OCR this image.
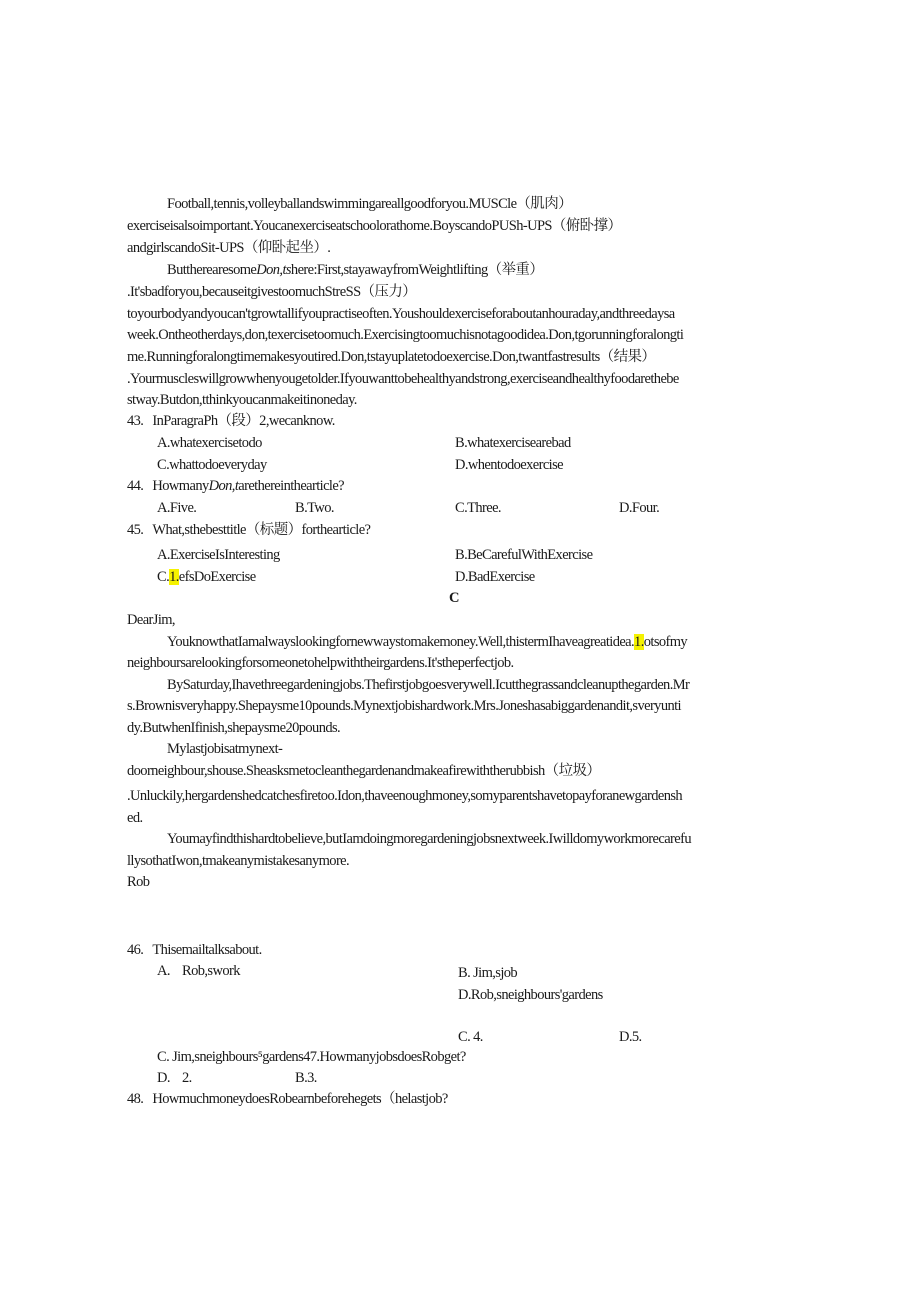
Football,tennis,volleyballandswimmingareallgoodforyou.MUSCle（肌肉）
exerciseisalsoimportant.Youcanexerciseatschoolorathome.BoyscandoPUSh-UPS（俯卧撑）
andgirlscandoSit-UPS（仰卧起坐）.
ButtherearesomeDon,tshere:First,stayawayfromWeightlifting（举重）
.It'sbadforyou,becauseitgivestoomuchStreSS（压力）
toyourbodyandyoucan'tgrowtallifyoupractiseoften.Youshouldexerciseforaboutanhouraday,andthreedaysa
week.Ontheotherdays,don,texercisetoomuch.Exercisingtoomuchisnotagoodidea.Don,tgorunningforalongti
me.Runningforalongtimemakesyoutired.Don,tstayuplatetodoexercise.Don,twantfastresults（结果）
.Yourmuscleswillgrowwhenyougetolder.Ifyouwanttobehealthyandstrong,exerciseandhealthyfoodarethebe
stway.Butdon,tthinkyoucanmakeitinoneday.
43. InParagraPh（段）2,wecanknow.
A.whatexercisetodo	B.whatexercisearebad
C.whattodoeveryday	D.whentodoexercise
44. HowmanyDon,tarethereinthearticle?
A.Five.	B.Two.	C.Three.	D.Four.
45. What,sthebesttitle（标题）forthearticle?
A.ExerciseIsInteresting	B.BeCarefulWithExercise
C.1.efsDoExercise	D.BadExercise
C
DearJim,
YouknowthatIamalwayslookingfornewwaystomakemoney.Well,thistermIhaveagreatidea.1.otsofmy
neighboursarelookingforsomeonetohelpwiththeirgardens.It'stheperfectjob.
BySaturday,Ihavethreegardeningjobs.Thefirstjobgoesverywell.Icutthegrassandcleanupthegarden.Mr
s.Brownisveryhappy.Shepaysme10pounds.Mynextjobishardwork.Mrs.Joneshasabiggardenandit,sveryunti
dy.ButwhenIfinish,shepaysme20pounds.
Mylastjobisatmynext-
doorneighbour,shouse.Sheasksmetocleanthegardenandmakeafirewiththerubbish（垃圾）
.Unluckily,hergardenshedcatchesfiretoo.Idon,thaveenoughmoney,somyparentshavetopayforanewgardensh
ed.
Youmayfindthishardtobelieve,butIamdoingmoregardeningjobsnextweek.Iwilldomyworkmorecarefu
llysothatIwon,tmakeanymistakesanymore.
Rob
46. Thisemailtalksabout.
A. Rob,swork	B. Jim,sjob
D.Rob,sneighbours'gardens
C. 4.	D.5.
C. Jim,sneighbours⁵gardens47.HowmanyjobsdoesRobget?
D. 2.	B.3.
48. HowmuchmoneydoesRobearnbeforehegets（helastjob?
